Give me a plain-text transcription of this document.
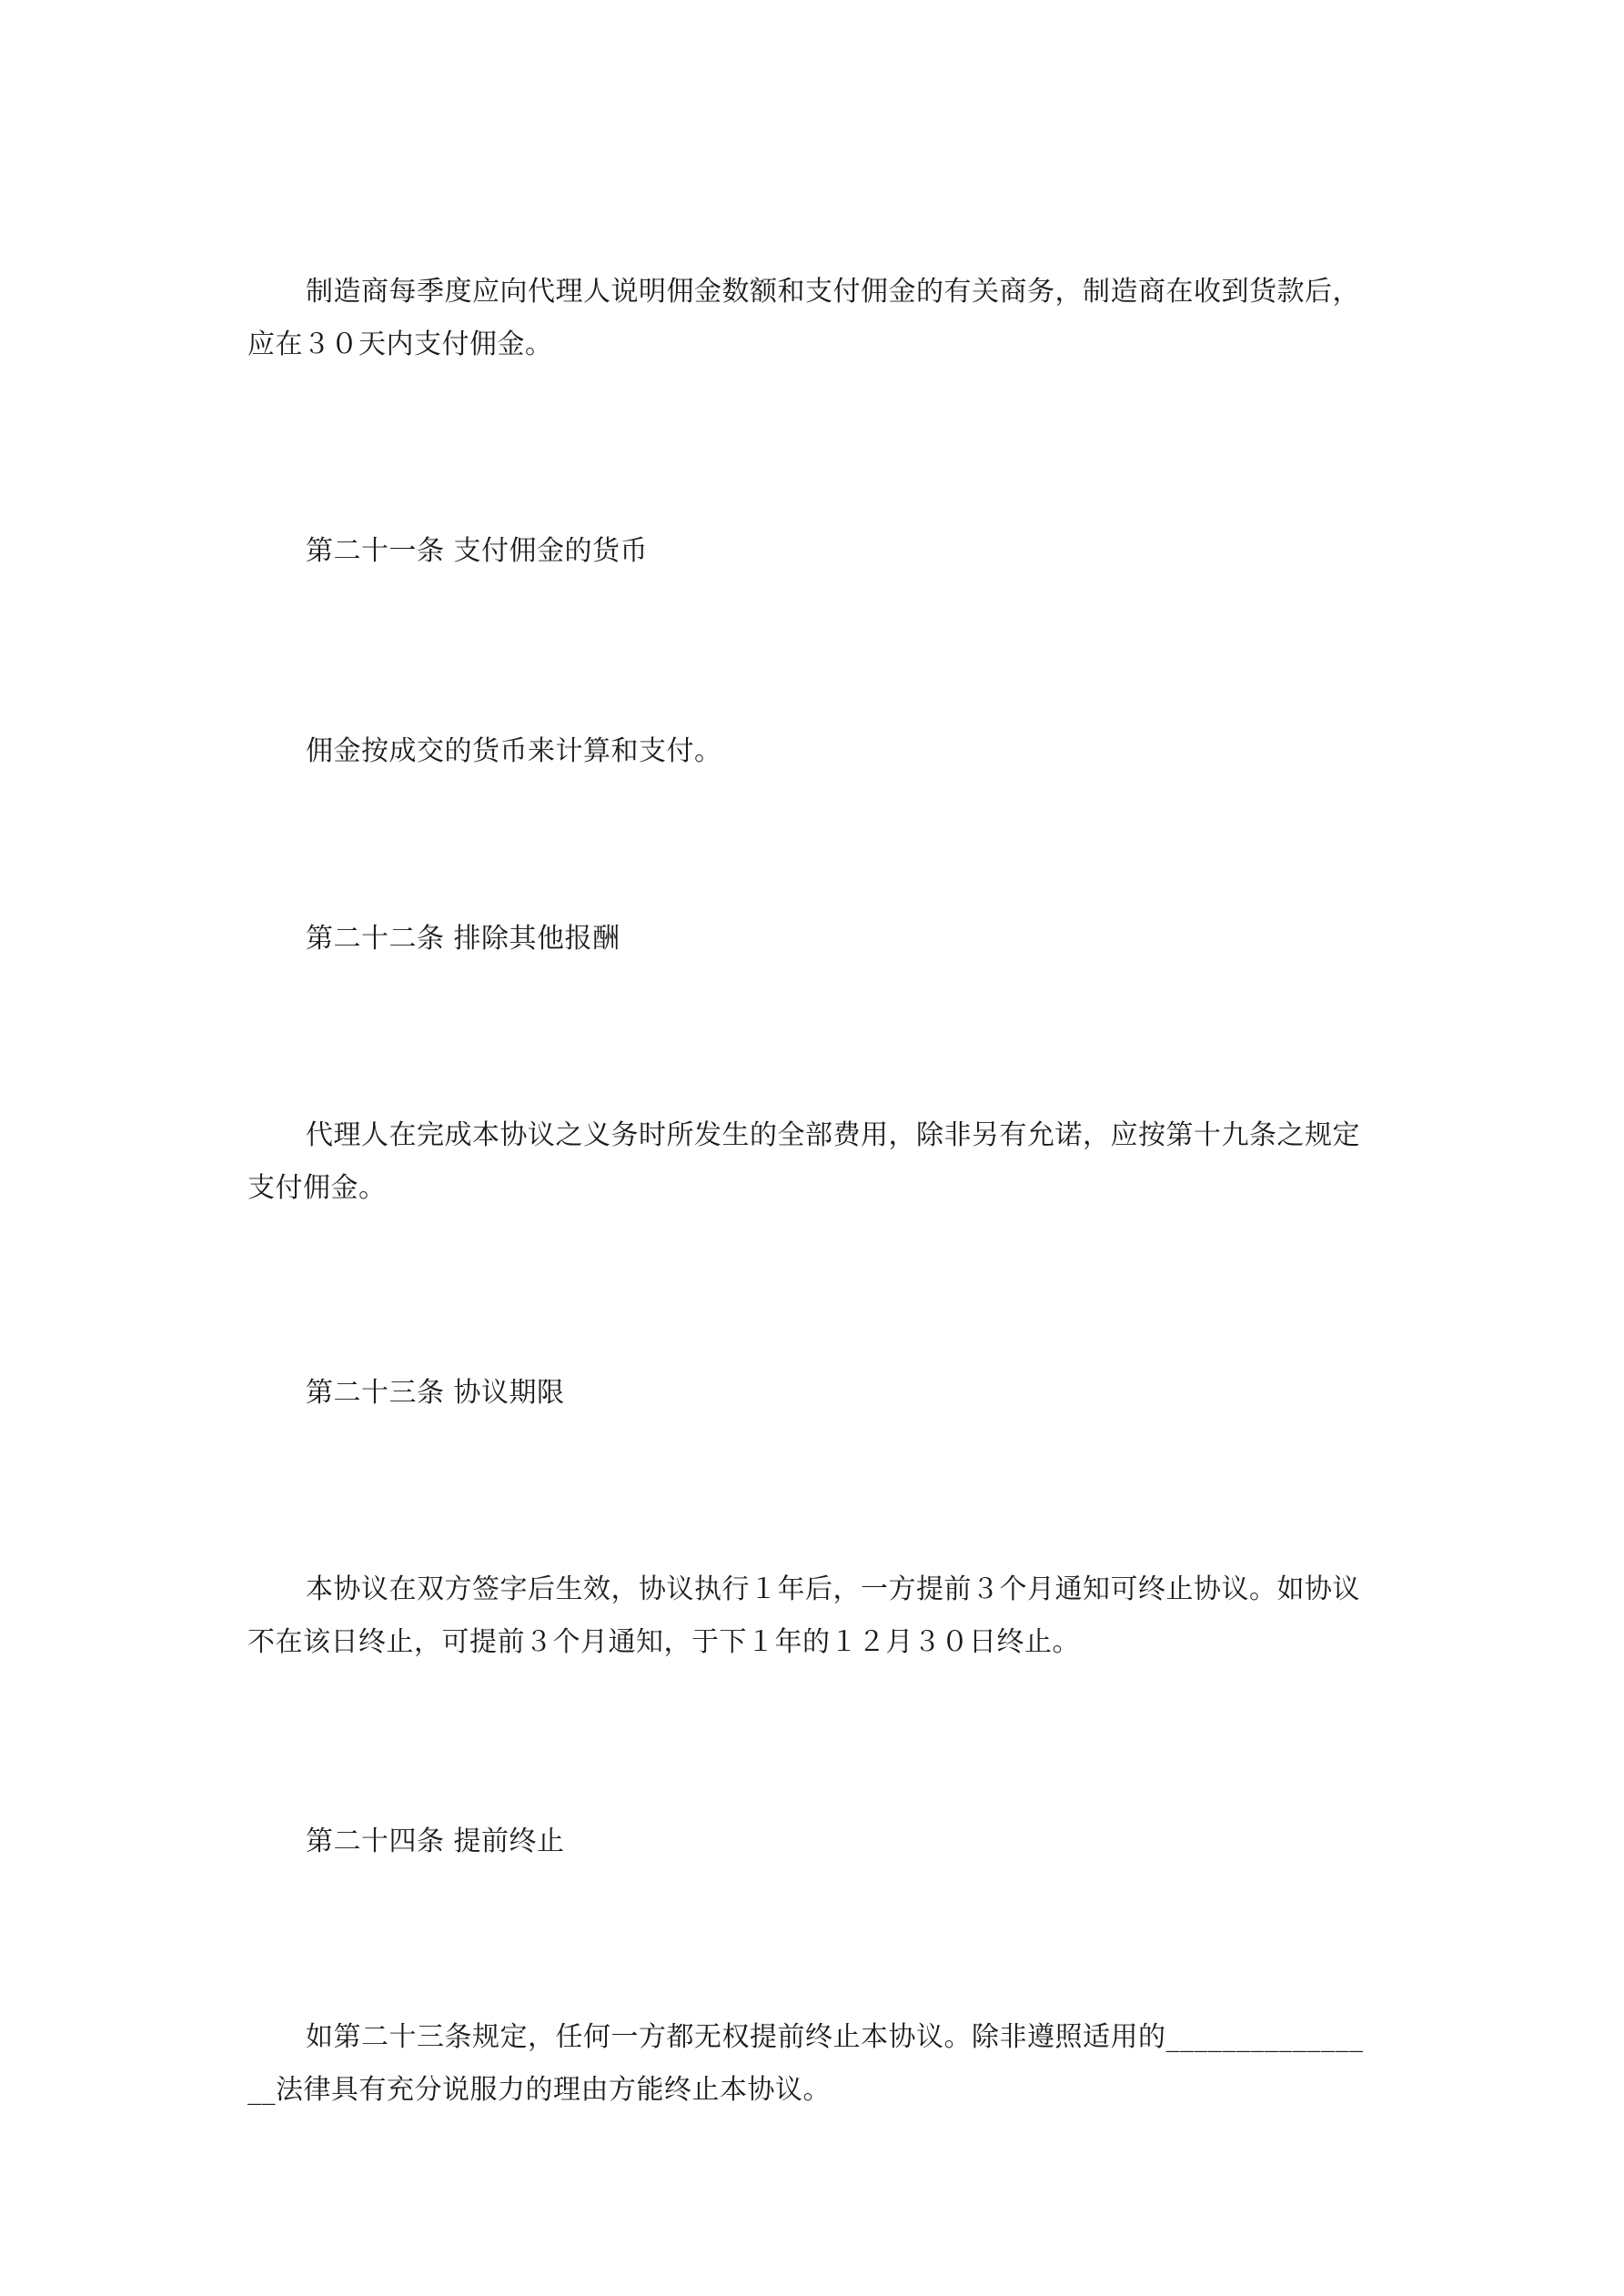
制造商每季度应向代理人说明佣金数额和支付佣金的有关商务，制造商在收到货款后，
应在３０天内支付佣金。
第二十一条 支付佣金的货币
佣金按成交的货币来计算和支付。
第二十二条 排除其他报酬
代理人在完成本协议之义务时所发生的全部费用，除非另有允诺，应按第十九条之规定
支付佣金。
第二十三条 协议期限
本协议在双方签字后生效，协议执行１年后，一方提前３个月通知可终止协议。如协议
不在该日终止，可提前３个月通知，于下１年的１２月３０日终止。
第二十四条 提前终止
如第二十三条规定，任何一方都无权提前终止本协议。除非遵照适用的______________
__法律具有充分说服力的理由方能终止本协议。
